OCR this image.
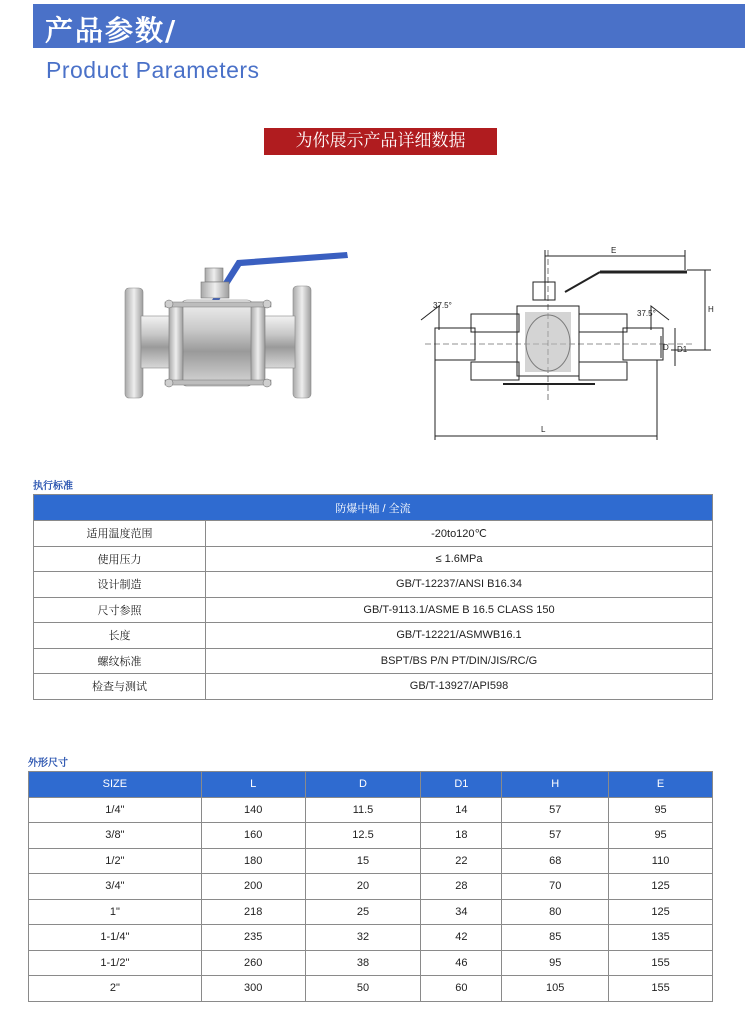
产品参数/
Product Parameters
为你展示产品详细数据
E
H
D D1
L
37.5°
37.5°
执行标准
防爆中轴 / 全流	
适用温度范围	-20to120℃
使用压力	≤ 1.6MPa
设计制造	GB/T-12237/ANSI B16.34
尺寸参照	GB/T-9113.1/ASME B 16.5 CLASS 150
长度	GB/T-12221/ASMWB16.1
螺纹标准	BSPT/BS P/N PT/DIN/JIS/RC/G
检查与测试	GB/T-13927/API598
外形尺寸
SIZE	L	D	D1	H	E
1/4"	140	11.5	14	57	95
3/8"	160	12.5	18	57	95
1/2"	180	15	22	68	110
3/4"	200	20	28	70	125
1"	218	25	34	80	125
1-1/4"	235	32	42	85	135
1-1/2"	260	38	46	95	155
2"	300	50	60	105	155
